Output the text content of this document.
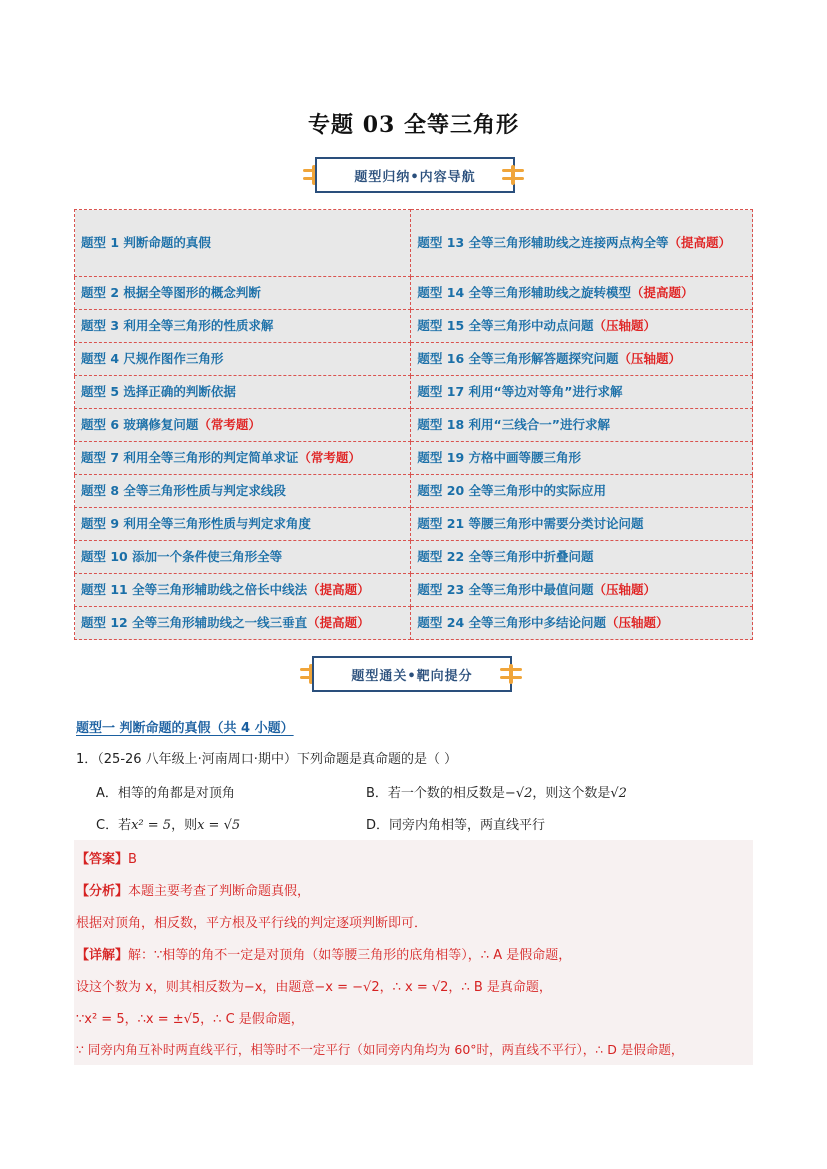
专题 03 全等三角形
题型归纳•内容导航
题型 1 判断命题的真假	题型 13 全等三角形辅助线之连接两点构全等（提高题）
题型 2 根据全等图形的概念判断	题型 14 全等三角形辅助线之旋转模型（提高题）
题型 3 利用全等三角形的性质求解	题型 15 全等三角形中动点问题（压轴题）
题型 4 尺规作图作三角形	题型 16 全等三角形解答题探究问题（压轴题）
题型 5 选择正确的判断依据	题型 17 利用“等边对等角”进行求解
题型 6 玻璃修复问题（常考题）	题型 18 利用“三线合一”进行求解
题型 7 利用全等三角形的判定简单求证（常考题）	题型 19 方格中画等腰三角形
题型 8 全等三角形性质与判定求线段	题型 20 全等三角形中的实际应用
题型 9 利用全等三角形性质与判定求角度	题型 21 等腰三角形中需要分类讨论问题
题型 10 添加一个条件使三角形全等	题型 22 全等三角形中折叠问题
题型 11 全等三角形辅助线之倍长中线法（提高题）	题型 23 全等三角形中最值问题（压轴题）
题型 12 全等三角形辅助线之一线三垂直（提高题）	题型 24 全等三角形中多结论问题（压轴题）
题型通关•靶向提分
题型一 判断命题的真假（共 4 小题）
1．（25-26 八年级上·河南周口·期中）下列命题是真命题的是（ ）
A．相等的角都是对顶角	B．若一个数的相反数是−√2，则这个数是√2
C．若x² = 5，则x = √5	D．同旁内角相等，两直线平行
【答案】B
【分析】本题主要考查了判断命题真假，
根据对顶角，相反数，平方根及平行线的判定逐项判断即可．
【详解】解：∵相等的角不一定是对顶角（如等腰三角形的底角相等），∴ A 是假命题，
设这个数为 x，则其相反数为−x，由题意−x = −√2，∴ x = √2，∴ B 是真命题，
∵x² = 5，∴x = ±√5，∴ C 是假命题，
∵ 同旁内角互补时两直线平行，相等时不一定平行（如同旁内角均为 60°时，两直线不平行），∴ D 是假命题，
